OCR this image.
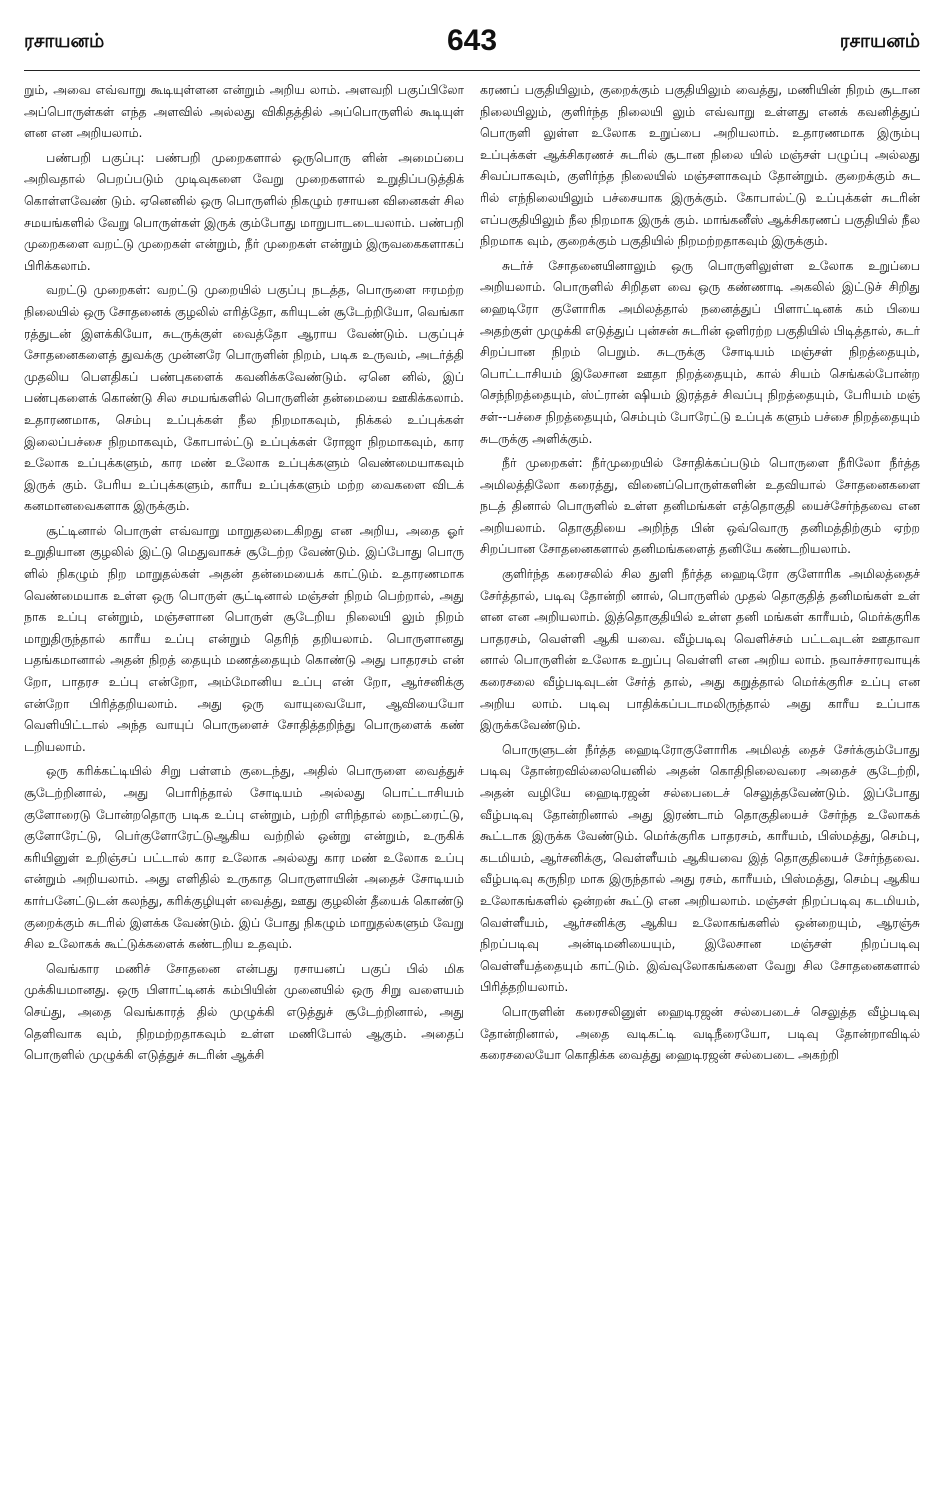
ரசாயனம்	643	ரசாயனம்

றும், அவை எவ்வாறு கூடியுள்ளன என்றும் அறிய லாம். அளவறி பகுப்பிலோ அப்பொருள்கள் எந்த அளவில் அல்லது விகிதத்தில் அப்பொருளில் கூடியுள் ளன என அறியலாம்.

பண்பறி பகுப்பு: பண்பறி முறைகளால் ஒருபொரு ளின் அமைப்பை அறிவதால் பெறப்படும் முடிவுகளை வேறு முறைகளால் உறுதிப்படுத்திக் கொள்ளவேண் டும். ஏனெனில் ஒரு பொருளில் நிகழும் ரசாயன வினைகள் சில சமயங்களில் வேறு பொருள்கள் இருக் கும்போது மாறுபாடடையலாம். பண்பறி முறைகளை வறட்டு முறைகள் என்றும், நீர் முறைகள் என்றும் இருவகைகளாகப் பிரிக்கலாம்.

வறட்டு முறைகள்: வறட்டு முறையில் பகுப்பு நடத்த, பொருளை ஈரமற்ற நிலையில் ஒரு சோதனைக் குழலில் எரித்தோ, கரியுடன் சூடேற்றியோ, வெங்கா ரத்துடன் இளக்கியோ, சுடருக்குள் வைத்தோ ஆராய வேண்டும். பகுப்புச் சோதனைகளைத் துவக்கு முன்னரே பொருளின் நிறம், படிக உருவம், அடர்த்தி முதலிய பௌதிகப் பண்புகளைக் கவனிக்கவேண்டும். ஏனெ னில், இப் பண்புகளைக் கொண்டு சில சமயங்களில் பொருளின் தன்மையை ஊகிக்கலாம். உதாரணமாக, செம்பு உப்புக்கள் நீல நிறமாகவும், நிக்கல் உப்புக்கள் இலைப்பச்சை நிறமாகவும், கோபால்ட்டு உப்புக்கள் ரோஜா நிறமாகவும், கார உலோக உப்புக்களும், கார மண் உலோக உப்புக்களும் வெண்மையாகவும் இருக் கும். பேரிய உப்புக்களும், காரீய உப்புக்களும் மற்ற வைகளை விடக் கனமானவைகளாக இருக்கும்.

சூட்டினால் பொருள் எவ்வாறு மாறுதலடைகிறது என அறிய, அதை ஓர் உறுதியான குழலில் இட்டு மெதுவாகச் சூடேற்ற வேண்டும். இப்போது பொரு ளில் நிகழும் நிற மாறுதல்கள் அதன் தன்மையைக் காட்டும். உதாரணமாக வெண்மையாக உள்ள ஒரு பொருள் சூட்டினால் மஞ்சள் நிறம் பெற்றால், அது நாக உப்பு என்றும், மஞ்சளான பொருள் சூடேறிய நிலையி லும் நிறம் மாறுதிருந்தால் காரீய உப்பு என்றும் தெரிந் தறியலாம். பொருளானது பதங்கமானால் அதன் நிறத் தையும் மணத்தையும் கொண்டு அது பாதரசம் என் றோ, பாதரச உப்பு என்றோ, அம்மோனிய உப்பு என் றோ, ஆர்சனிக்கு என்றோ பிரித்தறியலாம். அது ஒரு வாயுவையோ, ஆவியையோ வெளியிட்டால் அந்த வாயுப் பொருளைச் சோதித்தறிந்து பொருளைக் கண் டறியலாம்.

ஒரு கரிக்கட்டியில் சிறு பள்ளம் குடைந்து, அதில் பொருளை வைத்துச் சூடேற்றினால், அது பொரிந்தால் சோடியம் அல்லது பொட்டாசியம் குளோரைடு போன்றதொரு படிக உப்பு என்றும், பற்றி எரிந்தால் நைட்ரைட்டு, குளோரேட்டு, பெர்குளோரேட்டுஆகிய வற்றில் ஒன்று என்றும், உருகிக் கரியினுள் உறிஞ்சப் பட்டால் கார உலோக அல்லது கார மண் உலோக உப்பு என்றும் அறியலாம். அது எளிதில் உருகாத பொருளாயின் அதைச் சோடியம் கார்பனேட்டுடன் கலந்து, கரிக்குழியுள் வைத்து, ஊது குழலின் தீயைக் கொண்டு குறைக்கும் சுடரில் இளக்க வேண்டும். இப் போது நிகழும் மாறுதல்களும் வேறு சில உலோகக் கூட்டுக்களைக் கண்டறிய உதவும்.

வெங்கார மணிச் சோதனை என்பது ரசாயனப் பகுப் பில் மிக முக்கியமானது. ஒரு பிளாட்டினக் கம்பியின் முனையில் ஒரு சிறு வளையம் செய்து, அதை வெங்காரத் தில் முழுக்கி எடுத்துச் சூடேற்றினால், அது தெளிவாக வும், நிறமற்றதாகவும் உள்ள மணிபோல் ஆகும். அதைப் பொருளில் முழுக்கி எடுத்துச் சுடரின் ஆக்சி

கரணப் பகுதியிலும், குறைக்கும் பகுதியிலும் வைத்து, மணியின் நிறம் சூடான நிலையிலும், குளிர்ந்த நிலையி லும் எவ்வாறு உள்ளது எனக் கவனித்துப் பொருளி லுள்ள உலோக உறுப்பை அறியலாம். உதாரணமாக இரும்பு உப்புக்கள் ஆக்சிகரணச் சுடரில் சூடான நிலை யில் மஞ்சள் பழுப்பு அல்லது சிவப்பாகவும், குளிர்ந்த நிலையில் மஞ்சளாகவும் தோன்றும். குறைக்கும் சுட ரில் எந்நிலையிலும் பச்சையாக இருக்கும். கோபால்ட்டு உப்புக்கள் சுடரின் எப்பகுதியிலும் நீல நிறமாக இருக் கும். மாங்கனீஸ் ஆக்சிகரணப் பகுதியில் நீல நிறமாக வும், குறைக்கும் பகுதியில் நிறமற்றதாகவும் இருக்கும்.

சுடர்ச் சோதனையினாலும் ஒரு பொருளிலுள்ள உலோக உறுப்பை அறியலாம். பொருளில் சிறிதள வை ஒரு கண்ணாடி அகலில் இட்டுச் சிறிது ஹைடிரோ குளோரிக அமிலத்தால் நனைத்துப் பிளாட்டினக் கம் பியை அதற்குள் முழுக்கி எடுத்துப் புன்சன் சுடரின் ஒளிரற்ற பகுதியில் பிடித்தால், சுடர் சிறப்பான நிறம் பெறும். சுடருக்கு சோடியம் மஞ்சள் நிறத்தையும், பொட்டாசியம் இலேசான ஊதா நிறத்தையும், கால் சியம் செங்கல்போன்ற செந்நிறத்தையும், ஸ்ட்ரான் ஷியம் இரத்தச் சிவப்பு நிறத்தையும், பேரியம் மஞ் சள்--பச்சை நிறத்தையும், செம்பும் போரேட்டு உப்புக் களும் பச்சை நிறத்தையும் சுடருக்கு அளிக்கும்.

நீர் முறைகள்: நீர்முறையில் சோதிக்கப்படும் பொருளை நீரிலோ நீர்த்த அமிலத்திலோ கரைத்து, வினைப்பொருள்களின் உதவியால் சோதனைகளை நடத் தினால் பொருளில் உள்ள தனிமங்கள் எத்தொகுதி யைச்சேர்ந்தவை என அறியலாம். தொகுதியை அறிந்த பின் ஒவ்வொரு தனிமத்திற்கும் ஏற்ற சிறப்பான சோதனைகளால் தனிமங்களைத் தனியே கண்டறியலாம்.

குளிர்ந்த கரைசலில் சில துளி நீர்த்த ஹைடிரோ குளோரிக அமிலத்தைச் சேர்த்தால், படிவு தோன்றி னால், பொருளில் முதல் தொகுதித் தனிமங்கள் உள் ளன என அறியலாம். இத்தொகுதியில் உள்ள தனி மங்கள் காரீயம், மெர்க்குரிக பாதரசம், வெள்ளி ஆகி யவை. வீழ்படிவு வெளிச்சம் பட்டவுடன் ஊதாவா னால் பொருளின் உலோக உறுப்பு வெள்ளி என அறிய லாம். நவாச்சாரவாயுக் கரைசலை வீழ்படிவுடன் சேர்த் தால், அது கறுத்தால் மெர்க்குரிச உப்பு என அறிய லாம். படிவு பாதிக்கப்படாமலிருந்தால் அது காரீய உப்பாக இருக்கவேண்டும்.

பொருளுடன் நீர்த்த ஹைடிரோகுளோரிக அமிலத் தைச் சேர்க்கும்போது படிவு தோன்றவில்லையெனில் அதன் கொதிநிலைவரை அதைச் சூடேற்றி, அதன் வழியே ஹைடிரஜன் சல்பைடைச் செலுத்தவேண்டும். இப்போது வீழ்படிவு தோன்றினால் அது இரண்டாம் தொகுதியைச் சேர்ந்த உலோகக் கூட்டாக இருக்க வேண்டும். மெர்க்குரிக பாதரசம், காரீயம், பிஸ்மத்து, செம்பு, கடமியம், ஆர்சனிக்கு, வெள்ளீயம் ஆகியவை இத் தொகுதியைச் சேர்ந்தவை. வீழ்படிவு கருநிற மாக இருந்தால் அது ரசம், காரீயம், பிஸ்மத்து, செம்பு ஆகிய உலோகங்களில் ஒன்றன் கூட்டு என அறியலாம். மஞ்சள் நிறப்படிவு கடமியம், வெள்ளீயம், ஆர்சனிக்கு ஆகிய உலோகங்களில் ஒன்றையும், ஆரஞ்சு நிறப்படிவு அன்டிமனியையும், இலேசான மஞ்சள் நிறப்படிவு வெள்ளீயத்தையும் காட்டும். இவ்வுலோகங்களை வேறு சில சோதனைகளால் பிரித்தறியலாம்.

பொருளின் கரைசலினுள் ஹைடிரஜன் சல்பைடைச் செலுத்த வீழ்படிவு தோன்றினால், அதை வடிகட்டி வடிநீரையோ, படிவு தோன்றாவிடில் கரைசலையோ கொதிக்க வைத்து ஹைடிரஜன் சல்பைடை அகற்றி
